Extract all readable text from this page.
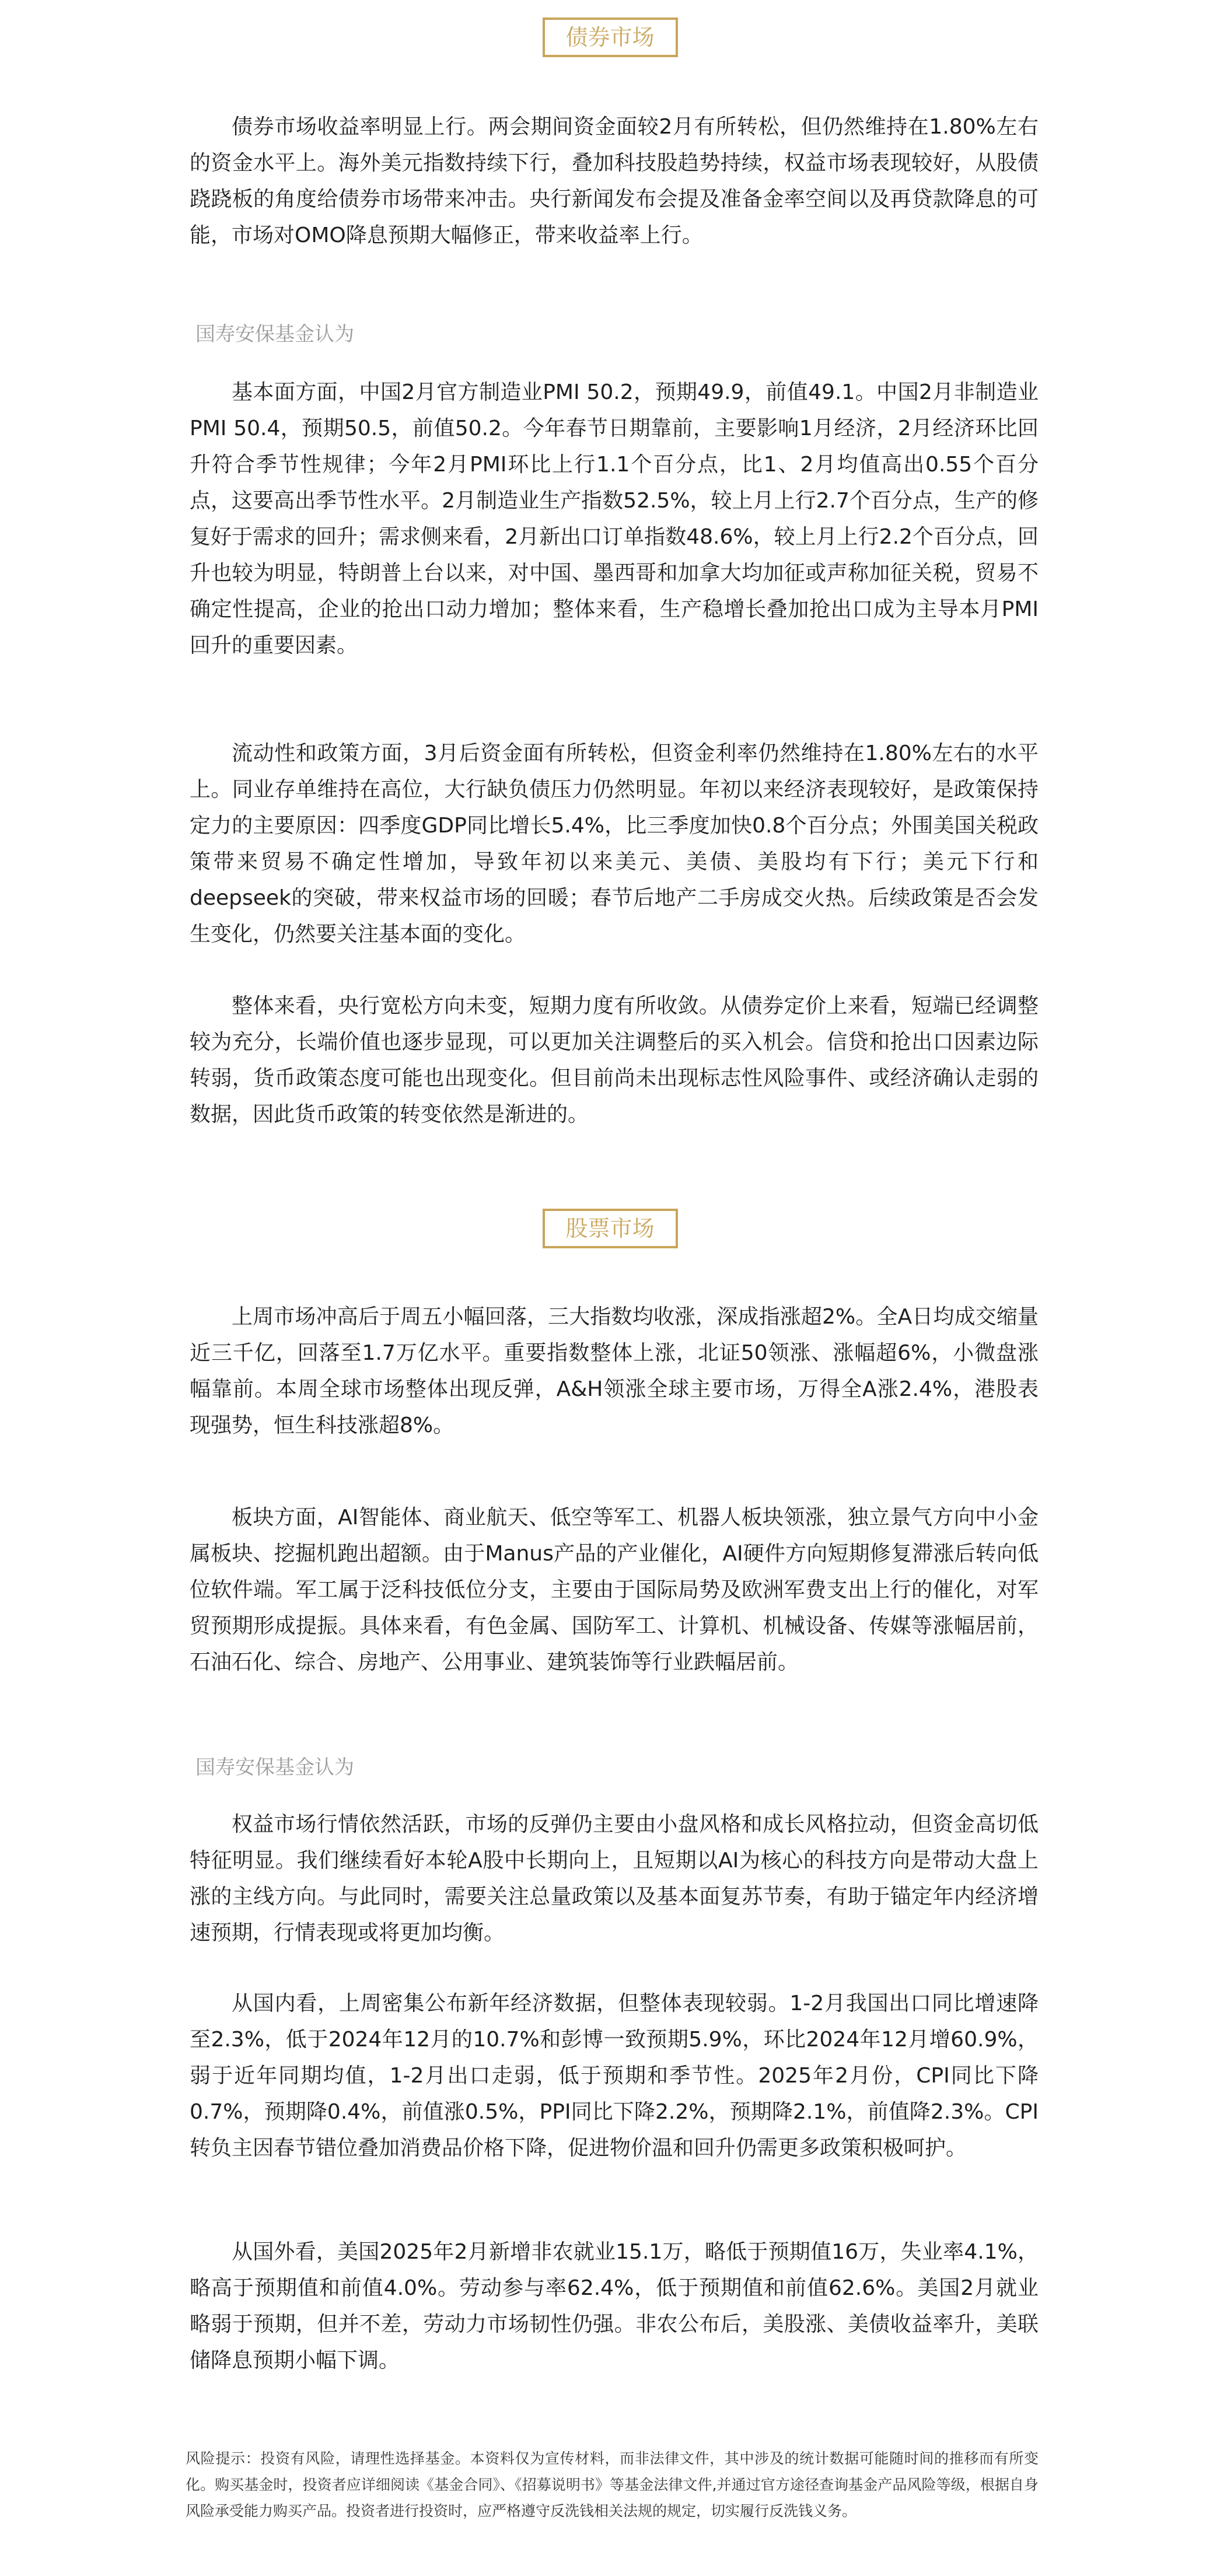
债券市场

债券市场收益率明显上行。两会期间资金面较2月有所转松，但仍然维持在1.80%左右的资金水平上。海外美元指数持续下行，叠加科技股趋势持续，权益市场表现较好，从股债跷跷板的角度给债券市场带来冲击。央行新闻发布会提及准备金率空间以及再贷款降息的可能，市场对OMO降息预期大幅修正，带来收益率上行。

国寿安保基金认为

基本面方面，中国2月官方制造业PMI 50.2，预期49.9，前值49.1。中国2月非制造业PMI 50.4，预期50.5，前值50.2。今年春节日期靠前，主要影响1月经济，2月经济环比回升符合季节性规律；今年2月PMI环比上行1.1个百分点，比1、2月均值高出0.55个百分点，这要高出季节性水平。2月制造业生产指数52.5%，较上月上行2.7个百分点，生产的修复好于需求的回升；需求侧来看，2月新出口订单指数48.6%，较上月上行2.2个百分点，回升也较为明显，特朗普上台以来，对中国、墨西哥和加拿大均加征或声称加征关税，贸易不确定性提高，企业的抢出口动力增加；整体来看，生产稳增长叠加抢出口成为主导本月PMI回升的重要因素。

流动性和政策方面，3月后资金面有所转松，但资金利率仍然维持在1.80%左右的水平上。同业存单维持在高位，大行缺负债压力仍然明显。年初以来经济表现较好，是政策保持定力的主要原因：四季度GDP同比增长5.4%，比三季度加快0.8个百分点；外围美国关税政策带来贸易不确定性增加，导致年初以来美元、美债、美股均有下行；美元下行和deepseek的突破，带来权益市场的回暖；春节后地产二手房成交火热。后续政策是否会发生变化，仍然要关注基本面的变化。

整体来看，央行宽松方向未变，短期力度有所收敛。从债券定价上来看，短端已经调整较为充分，长端价值也逐步显现，可以更加关注调整后的买入机会。信贷和抢出口因素边际转弱，货币政策态度可能也出现变化。但目前尚未出现标志性风险事件、或经济确认走弱的数据，因此货币政策的转变依然是渐进的。

股票市场

上周市场冲高后于周五小幅回落，三大指数均收涨，深成指涨超2%。全A日均成交缩量近三千亿，回落至1.7万亿水平。重要指数整体上涨，北证50领涨、涨幅超6%，小微盘涨幅靠前。本周全球市场整体出现反弹，A&H领涨全球主要市场，万得全A涨2.4%，港股表现强势，恒生科技涨超8%。

板块方面，AI智能体、商业航天、低空等军工、机器人板块领涨，独立景气方向中小金属板块、挖掘机跑出超额。由于Manus产品的产业催化，AI硬件方向短期修复滞涨后转向低位软件端。军工属于泛科技低位分支，主要由于国际局势及欧洲军费支出上行的催化，对军贸预期形成提振。具体来看，有色金属、国防军工、计算机、机械设备、传媒等涨幅居前，石油石化、综合、房地产、公用事业、建筑装饰等行业跌幅居前。

国寿安保基金认为

权益市场行情依然活跃，市场的反弹仍主要由小盘风格和成长风格拉动，但资金高切低特征明显。我们继续看好本轮A股中长期向上，且短期以AI为核心的科技方向是带动大盘上涨的主线方向。与此同时，需要关注总量政策以及基本面复苏节奏，有助于锚定年内经济增速预期，行情表现或将更加均衡。

从国内看，上周密集公布新年经济数据，但整体表现较弱。1-2月我国出口同比增速降至2.3%，低于2024年12月的10.7%和彭博一致预期5.9%，环比2024年12月增60.9%，弱于近年同期均值，1-2月出口走弱，低于预期和季节性。2025年2月份，CPI同比下降0.7%，预期降0.4%，前值涨0.5%，PPI同比下降2.2%，预期降2.1%，前值降2.3%。CPI转负主因春节错位叠加消费品价格下降，促进物价温和回升仍需更多政策积极呵护。

从国外看，美国2025年2月新增非农就业15.1万，略低于预期值16万，失业率4.1%，略高于预期值和前值4.0%。劳动参与率62.4%，低于预期值和前值62.6%。美国2月就业略弱于预期，但并不差，劳动力市场韧性仍强。非农公布后，美股涨、美债收益率升，美联储降息预期小幅下调。

风险提示：投资有风险，请理性选择基金。本资料仅为宣传材料，而非法律文件，其中涉及的统计数据可能随时间的推移而有所变化。购买基金时，投资者应详细阅读《基金合同》、《招募说明书》等基金法律文件,并通过官方途径查询基金产品风险等级，根据自身风险承受能力购买产品。投资者进行投资时，应严格遵守反洗钱相关法规的规定，切实履行反洗钱义务。
